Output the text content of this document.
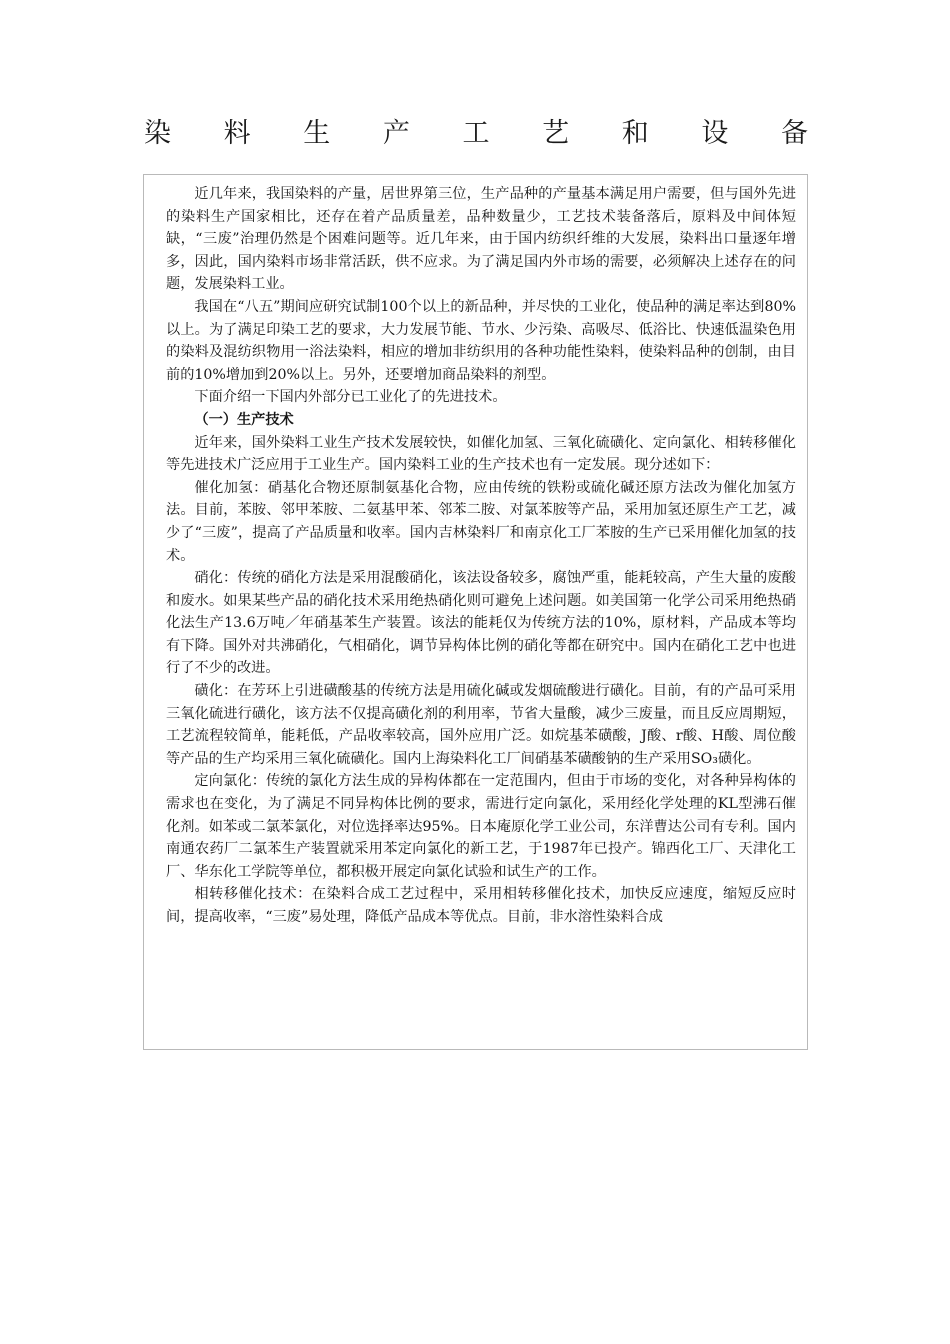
染 料 生 产 工 艺 和 设 备

近几年来，我国染料的产量，居世界第三位，生产品种的产量基本满足用户需要，但与国外先进的染料生产国家相比，还存在着产品质量差，品种数量少，工艺技术装备落后，原料及中间体短缺，“三废”治理仍然是个困难问题等。近几年来，由于国内纺织纤维的大发展，染料出口量逐年增多，因此，国内染料市场非常活跃，供不应求。为了满足国内外市场的需要，必须解决上述存在的问题，发展染料工业。

我国在“八五”期间应研究试制100个以上的新品种，并尽快的工业化，使品种的满足率达到80%以上。为了满足印染工艺的要求，大力发展节能、节水、少污染、高吸尽、低浴比、快速低温染色用的染料及混纺织物用一浴法染料，相应的增加非纺织用的各种功能性染料，使染料品种的创制，由目前的10%增加到20%以上。另外，还要增加商品染料的剂型。

下面介绍一下国内外部分已工业化了的先进技术。

（一）生产技术

近年来，国外染料工业生产技术发展较快，如催化加氢、三氧化硫磺化、定向氯化、相转移催化等先进技术广泛应用于工业生产。国内染料工业的生产技术也有一定发展。现分述如下：

催化加氢：硝基化合物还原制氨基化合物，应由传统的铁粉或硫化碱还原方法改为催化加氢方法。目前，苯胺、邻甲苯胺、二氨基甲苯、邻苯二胺、对氯苯胺等产品，采用加氢还原生产工艺，减少了“三废”，提高了产品质量和收率。国内吉林染料厂和南京化工厂苯胺的生产已采用催化加氢的技术。

硝化：传统的硝化方法是采用混酸硝化，该法设备较多，腐蚀严重，能耗较高，产生大量的废酸和废水。如果某些产品的硝化技术采用绝热硝化则可避免上述问题。如美国第一化学公司采用绝热硝化法生产13.6万吨／年硝基苯生产装置。该法的能耗仅为传统方法的10%，原材料，产品成本等均有下降。国外对共沸硝化，气相硝化，调节异构体比例的硝化等都在研究中。国内在硝化工艺中也进行了不少的改进。

磺化：在芳环上引进磺酸基的传统方法是用硫化碱或发烟硫酸进行磺化。目前，有的产品可采用三氧化硫进行磺化，该方法不仅提高磺化剂的利用率，节省大量酸，减少三废量，而且反应周期短，工艺流程较简单，能耗低，产品收率较高，国外应用广泛。如烷基苯磺酸，J酸、r酸、H酸、周位酸等产品的生产均采用三氧化硫磺化。国内上海染料化工厂间硝基苯磺酸钠的生产采用SO₃磺化。

定向氯化：传统的氯化方法生成的异构体都在一定范围内，但由于市场的变化，对各种异构体的需求也在变化，为了满足不同异构体比例的要求，需进行定向氯化，采用经化学处理的KL型沸石催化剂。如苯或二氯苯氯化，对位选择率达95%。日本庵原化学工业公司，东洋曹达公司有专利。国内南通农药厂二氯苯生产装置就采用苯定向氯化的新工艺，于1987年已投产。锦西化工厂、天津化工厂、华东化工学院等单位，都积极开展定向氯化试验和试生产的工作。

相转移催化技术：在染料合成工艺过程中，采用相转移催化技术，加快反应速度，缩短反应时间，提高收率，“三废”易处理，降低产品成本等优点。目前，非水溶性染料合成
